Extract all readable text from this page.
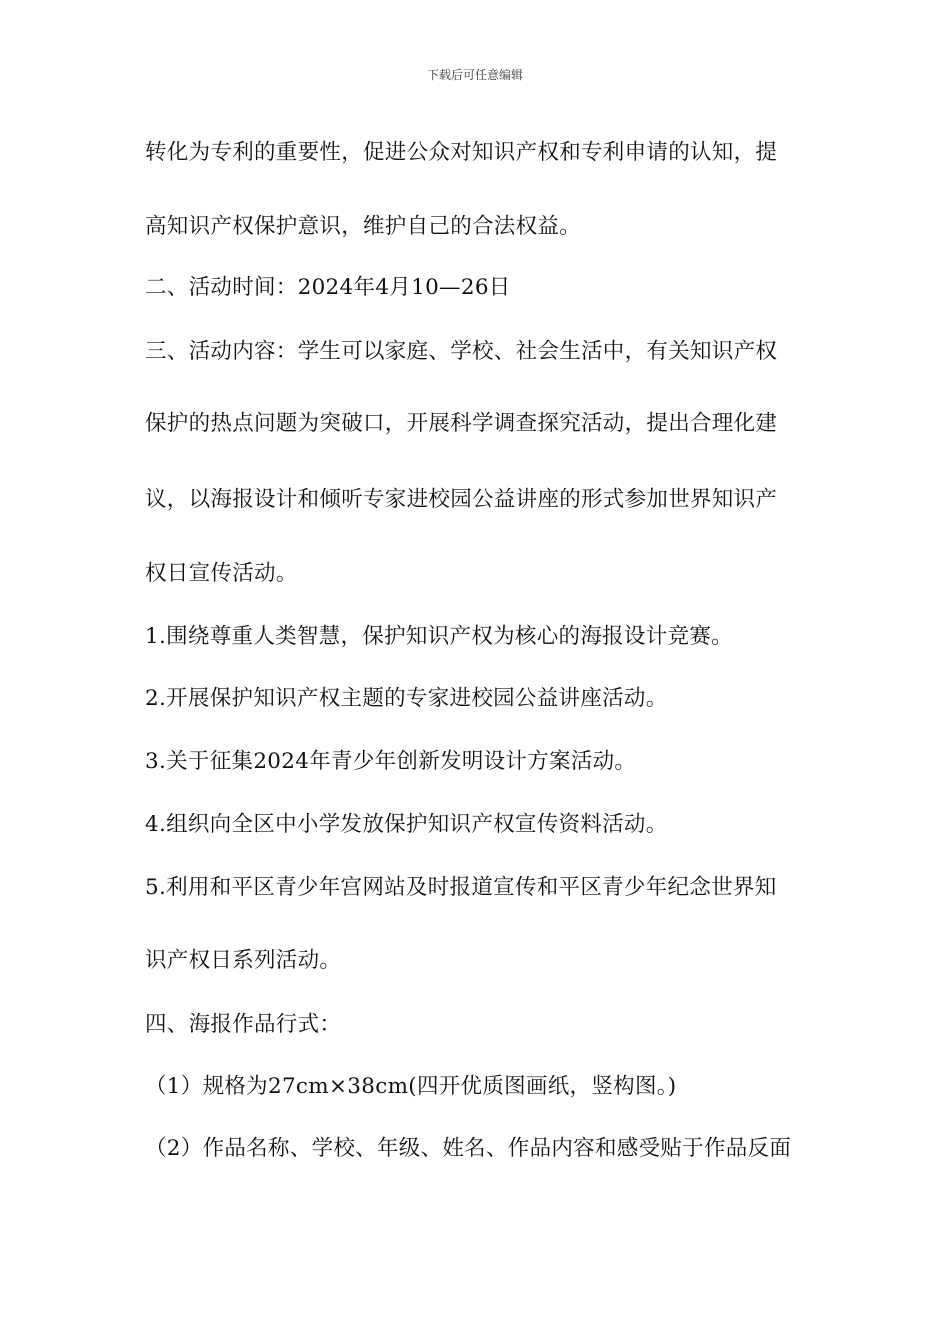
下载后可任意编辑
转化为专利的重要性，促进公众对知识产权和专利申请的认知，提
高知识产权保护意识，维护自己的合法权益。
二、活动时间：2024年4月10—26日
三、活动内容：学生可以家庭、学校、社会生活中，有关知识产权
保护的热点问题为突破口，开展科学调查探究活动，提出合理化建
议，以海报设计和倾听专家进校园公益讲座的形式参加世界知识产
权日宣传活动。
1.围绕尊重人类智慧，保护知识产权为核心的海报设计竞赛。
2.开展保护知识产权主题的专家进校园公益讲座活动。
3.关于征集2024年青少年创新发明设计方案活动。
4.组织向全区中小学发放保护知识产权宣传资料活动。
5.利用和平区青少年宫网站及时报道宣传和平区青少年纪念世界知
识产权日系列活动。
四、海报作品行式：
（1）规格为27cm×38cm(四开优质图画纸，竖构图。)
（2）作品名称、学校、年级、姓名、作品内容和感受贴于作品反面
